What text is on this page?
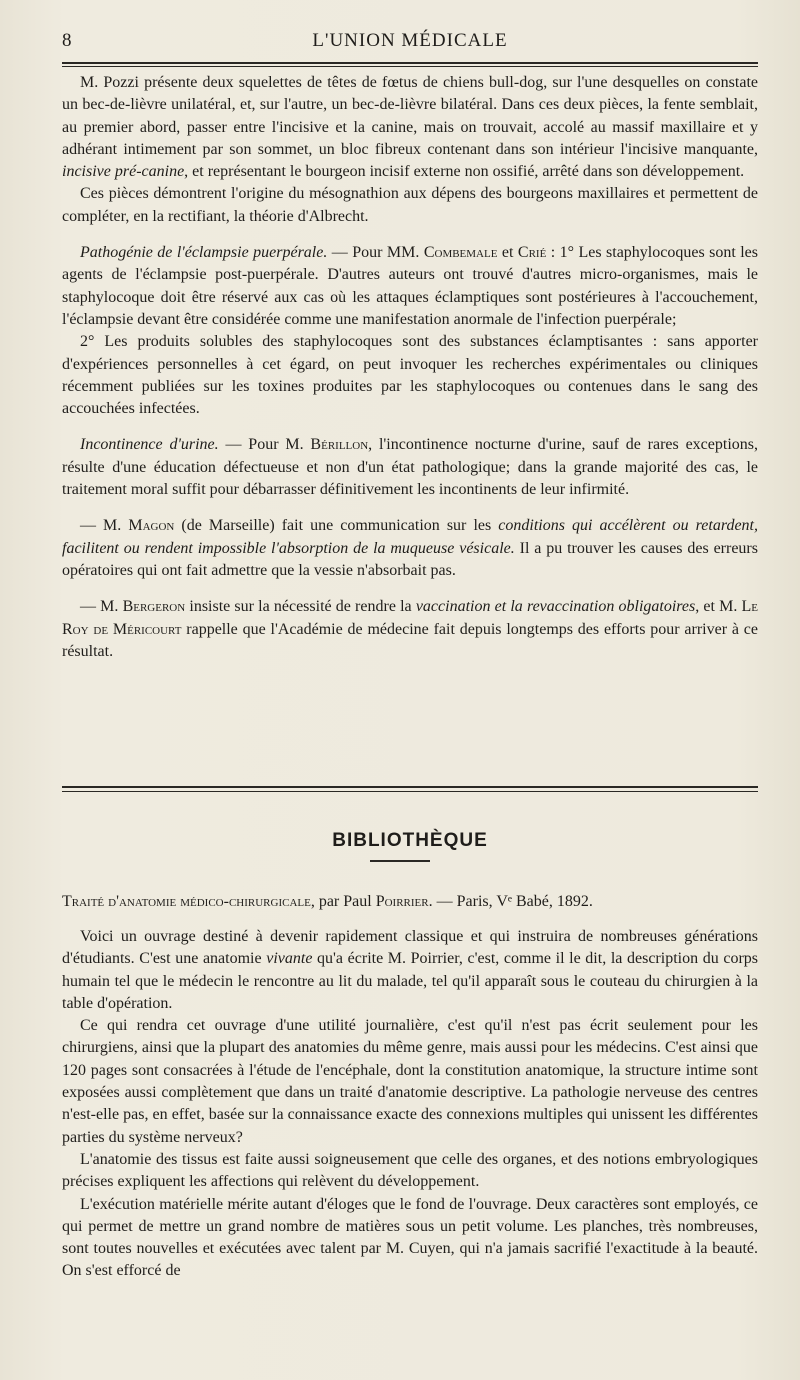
8	L'UNION MÉDICALE

M. Pozzi présente deux squelettes de têtes de fœtus de chiens bull-dog, sur l'une desquelles on constate un bec-de-lièvre unilatéral, et, sur l'autre, un bec-de-lièvre bilatéral. Dans ces deux pièces, la fente semblait, au premier abord, passer entre l'incisive et la canine, mais on trouvait, accolé au massif maxillaire et y adhérant intimement par son sommet, un bloc fibreux contenant dans son intérieur l'incisive manquante, incisive pré-canine, et représentant le bourgeon incisif externe non ossifié, arrêté dans son développement.

Ces pièces démontrent l'origine du mésognathion aux dépens des bourgeons maxillaires et permettent de compléter, en la rectifiant, la théorie d'Albrecht.

Pathogénie de l'éclampsie puerpérale. — Pour MM. Combemale et Crié : 1° Les staphylocoques sont les agents de l'éclampsie post-puerpérale. D'autres auteurs ont trouvé d'autres micro-organismes, mais le staphylocoque doit être réservé aux cas où les attaques éclamptiques sont postérieures à l'accouchement, l'éclampsie devant être considérée comme une manifestation anormale de l'infection puerpérale;

2° Les produits solubles des staphylocoques sont des substances éclamptisantes : sans apporter d'expériences personnelles à cet égard, on peut invoquer les recherches expérimentales ou cliniques récemment publiées sur les toxines produites par les staphylocoques ou contenues dans le sang des accouchées infectées.

Incontinence d'urine. — Pour M. Bérillon, l'incontinence nocturne d'urine, sauf de rares exceptions, résulte d'une éducation défectueuse et non d'un état pathologique; dans la grande majorité des cas, le traitement moral suffit pour débarrasser définitivement les incontinents de leur infirmité.

— M. Magon (de Marseille) fait une communication sur les conditions qui accélèrent ou retardent, facilitent ou rendent impossible l'absorption de la muqueuse vésicale. Il a pu trouver les causes des erreurs opératoires qui ont fait admettre que la vessie n'absorbait pas.

— M. Bergeron insiste sur la nécessité de rendre la vaccination et la revaccination obligatoires, et M. Le Roy de Méricourt rappelle que l'Académie de médecine fait depuis longtemps des efforts pour arriver à ce résultat.

BIBLIOTHÈQUE
Traité d'anatomie médico-chirurgicale, par Paul Poirrier. — Paris, Vᵉ Babé, 1892.

Voici un ouvrage destiné à devenir rapidement classique et qui instruira de nombreuses générations d'étudiants. C'est une anatomie vivante qu'a écrite M. Poirrier, c'est, comme il le dit, la description du corps humain tel que le médecin le rencontre au lit du malade, tel qu'il apparaît sous le couteau du chirurgien à la table d'opération.

Ce qui rendra cet ouvrage d'une utilité journalière, c'est qu'il n'est pas écrit seulement pour les chirurgiens, ainsi que la plupart des anatomies du même genre, mais aussi pour les médecins. C'est ainsi que 120 pages sont consacrées à l'étude de l'encéphale, dont la constitution anatomique, la structure intime sont exposées aussi complètement que dans un traité d'anatomie descriptive. La pathologie nerveuse des centres n'est-elle pas, en effet, basée sur la connaissance exacte des connexions multiples qui unissent les différentes parties du système nerveux?

L'anatomie des tissus est faite aussi soigneusement que celle des organes, et des notions embryologiques précises expliquent les affections qui relèvent du développement.

L'exécution matérielle mérite autant d'éloges que le fond de l'ouvrage. Deux caractères sont employés, ce qui permet de mettre un grand nombre de matières sous un petit volume. Les planches, très nombreuses, sont toutes nouvelles et exécutées avec talent par M. Cuyen, qui n'a jamais sacrifié l'exactitude à la beauté. On s'est efforcé de
